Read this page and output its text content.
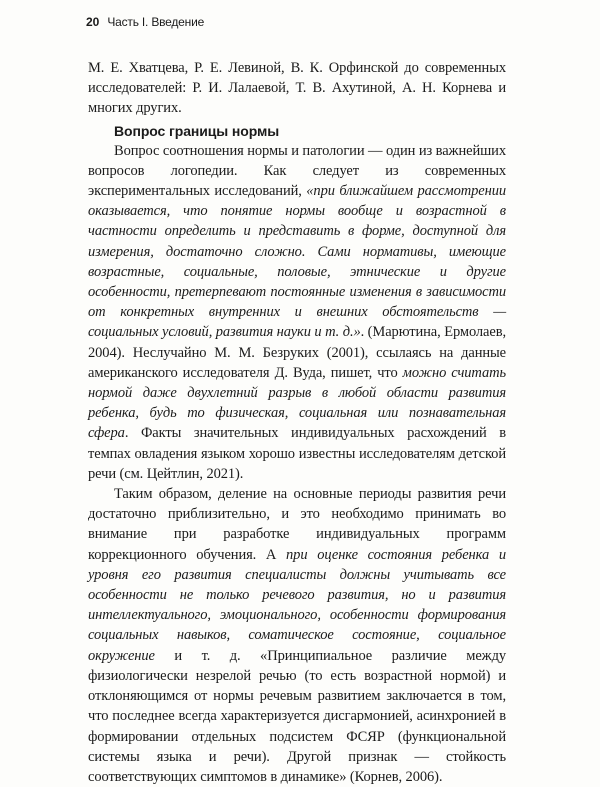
20 Часть I. Введение

М. Е. Хватцева, Р. Е. Левиной, В. К. Орфинской до современных исследователей: Р. И. Лалаевой, Т. В. Ахутиной, А. Н. Корнева и многих других.

Вопрос границы нормы

Вопрос соотношения нормы и патологии — один из важнейших вопросов логопедии. Как следует из современных экспериментальных исследований, «при ближайшем рассмотрении оказывается, что понятие нормы вообще и возрастной в частности определить и представить в форме, доступной для измерения, достаточно сложно. Сами нормативы, имеющие возрастные, социальные, половые, этнические и другие особенности, претерпевают постоянные изменения в зависимости от конкретных внутренних и внешних обстоятельств — социальных условий, развития науки и т. д.». (Марютина, Ермолаев, 2004). Неслучайно М. М. Безруких (2001), ссылаясь на данные американского исследователя Д. Вуда, пишет, что можно считать нормой даже двухлетний разрыв в любой области развития ребенка, будь то физическая, социальная или познавательная сфера. Факты значительных индивидуальных расхождений в темпах овладения языком хорошо известны исследователям детской речи (см. Цейтлин, 2021).

Таким образом, деление на основные периоды развития речи достаточно приблизительно, и это необходимо принимать во внимание при разработке индивидуальных программ коррекционного обучения. А при оценке состояния ребенка и уровня его развития специалисты должны учитывать все особенности не только речевого развития, но и развития интеллектуального, эмоционального, особенности формирования социальных навыков, соматическое состояние, социальное окружение и т. д. «Принципиальное различие между физиологически незрелой речью (то есть возрастной нормой) и отклоняющимся от нормы речевым развитием заключается в том, что последнее всегда характеризуется дисгармонией, асинхронией в формировании отдельных подсистем ФСЯР (функциональной системы языка и речи). Другой признак — стойкость соответствующих симптомов в динамике» (Корнев, 2006).
